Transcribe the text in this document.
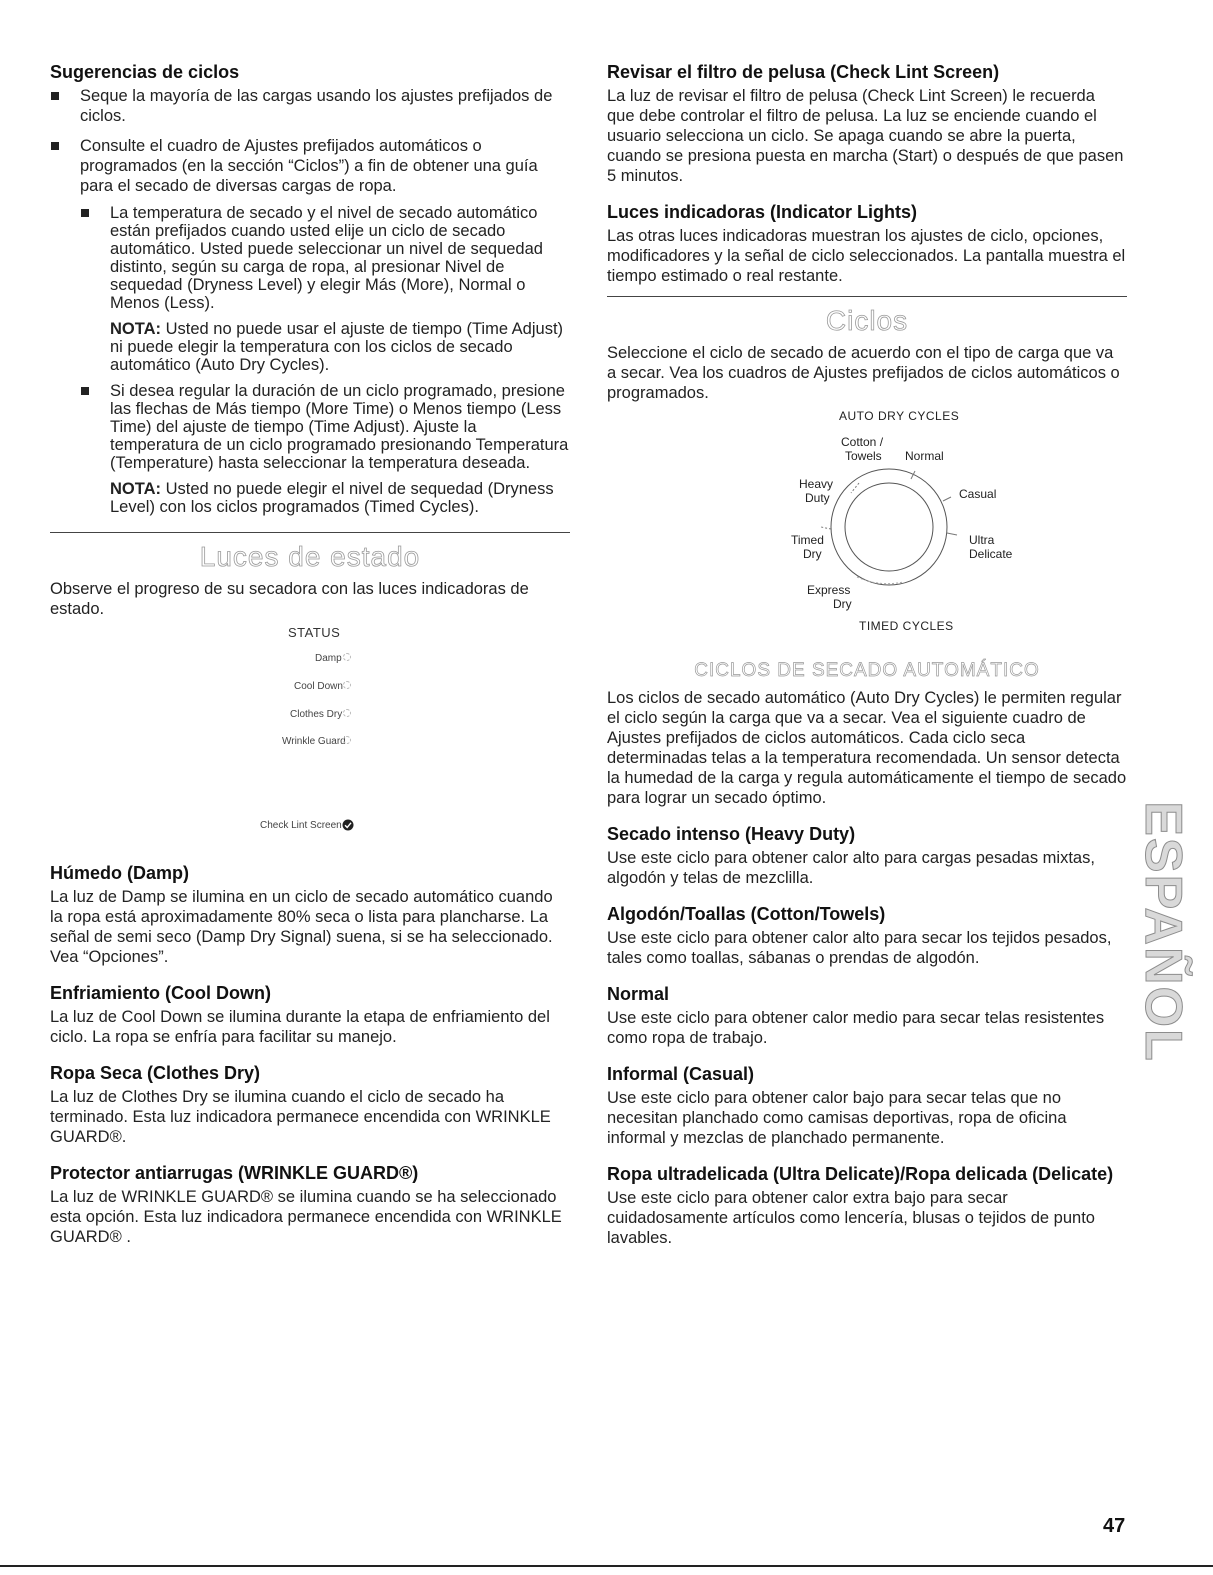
Sugerencias de ciclos
Seque la mayoría de las cargas usando los ajustes prefijados de ciclos.
Consulte el cuadro de Ajustes prefijados automáticos o programados (en la sección “Ciclos”) a fin de obtener una guía para el secado de diversas cargas de ropa.
La temperatura de secado y el nivel de secado automático están prefijados cuando usted elije un ciclo de secado automático. Usted puede seleccionar un nivel de sequedad distinto, según su carga de ropa, al presionar Nivel de sequedad (Dryness Level) y elegir Más (More), Normal o Menos (Less).

NOTA: Usted no puede usar el ajuste de tiempo (Time Adjust) ni puede elegir la temperatura con los ciclos de secado automático (Auto Dry Cycles).

Si desea regular la duración de un ciclo programado, presione las flechas de Más tiempo (More Time) o Menos tiempo (Less Time) del ajuste de tiempo (Time Adjust). Ajuste la temperatura de un ciclo programado presionando Temperatura (Temperature) hasta seleccionar la temperatura deseada.

NOTA: Usted no puede elegir el nivel de sequedad (Dryness Level) con los ciclos programados (Timed Cycles).

Luces de estado

Observe el progreso de su secadora con las luces indicadoras de estado.

STATUS
Damp
Cool Down
Clothes Dry
Wrinkle Guard
Check Lint Screen
Húmedo (Damp)

La luz de Damp se ilumina en un ciclo de secado automático cuando la ropa está aproximadamente 80% seca o lista para plancharse. La señal de semi seco (Damp Dry Signal) suena, si se ha seleccionado. Vea “Opciones”.

Enfriamiento (Cool Down)

La luz de Cool Down se ilumina durante la etapa de enfriamiento del ciclo. La ropa se enfría para facilitar su manejo.

Ropa Seca (Clothes Dry)

La luz de Clothes Dry se ilumina cuando el ciclo de secado ha terminado. Esta luz indicadora permanece encendida con WRINKLE GUARD®.

Protector antiarrugas (WRINKLE GUARD®)

La luz de WRINKLE GUARD® se ilumina cuando se ha seleccionado esta opción. Esta luz indicadora permanece encendida con WRINKLE GUARD® .

Revisar el filtro de pelusa (Check Lint Screen)

La luz de revisar el filtro de pelusa (Check Lint Screen) le recuerda que debe controlar el filtro de pelusa. La luz se enciende cuando el usuario selecciona un ciclo. Se apaga cuando se abre la puerta, cuando se presiona puesta en marcha (Start) o después de que pasen 5 minutos.

Luces indicadoras (Indicator Lights)

Las otras luces indicadoras muestran los ajustes de ciclo, opciones, modificadores y la señal de ciclo seleccionados. La pantalla muestra el tiempo estimado o real restante.

Ciclos

Seleccione el ciclo de secado de acuerdo con el tipo de carga que va a secar. Vea los cuadros de Ajustes prefijados de ciclos automáticos o programados.

AUTO DRY CYCLES
Cotton /
Towels Normal
Heavy
Duty	Casual
Timed
Dry
Ultra
Delicate
Express
Dry
TIMED CYCLES
CICLOS DE SECADO AUTOMÁTICO

Los ciclos de secado automático (Auto Dry Cycles) le permiten regular el ciclo según la carga que va a secar. Vea el siguiente cuadro de Ajustes prefijados de ciclos automáticos. Cada ciclo seca determinadas telas a la temperatura recomendada. Un sensor detecta la humedad de la carga y regula automáticamente el tiempo de secado para lograr un secado óptimo.

Secado intenso (Heavy Duty)

Use este ciclo para obtener calor alto para cargas pesadas mixtas, algodón y telas de mezclilla.

Algodón/Toallas (Cotton/Towels)

Use este ciclo para obtener calor alto para secar los tejidos pesados, tales como toallas, sábanas o prendas de algodón.

Normal

Use este ciclo para obtener calor medio para secar telas resistentes como ropa de trabajo.

Informal (Casual)

Use este ciclo para obtener calor bajo para secar telas que no necesitan planchado como camisas deportivas, ropa de oficina informal y mezclas de planchado permanente.

Ropa ultradelicada (Ultra Delicate)/Ropa delicada (Delicate)

Use este ciclo para obtener calor extra bajo para secar cuidadosamente artículos como lencería, blusas o tejidos de punto lavables.

ESPAÑOL
47
